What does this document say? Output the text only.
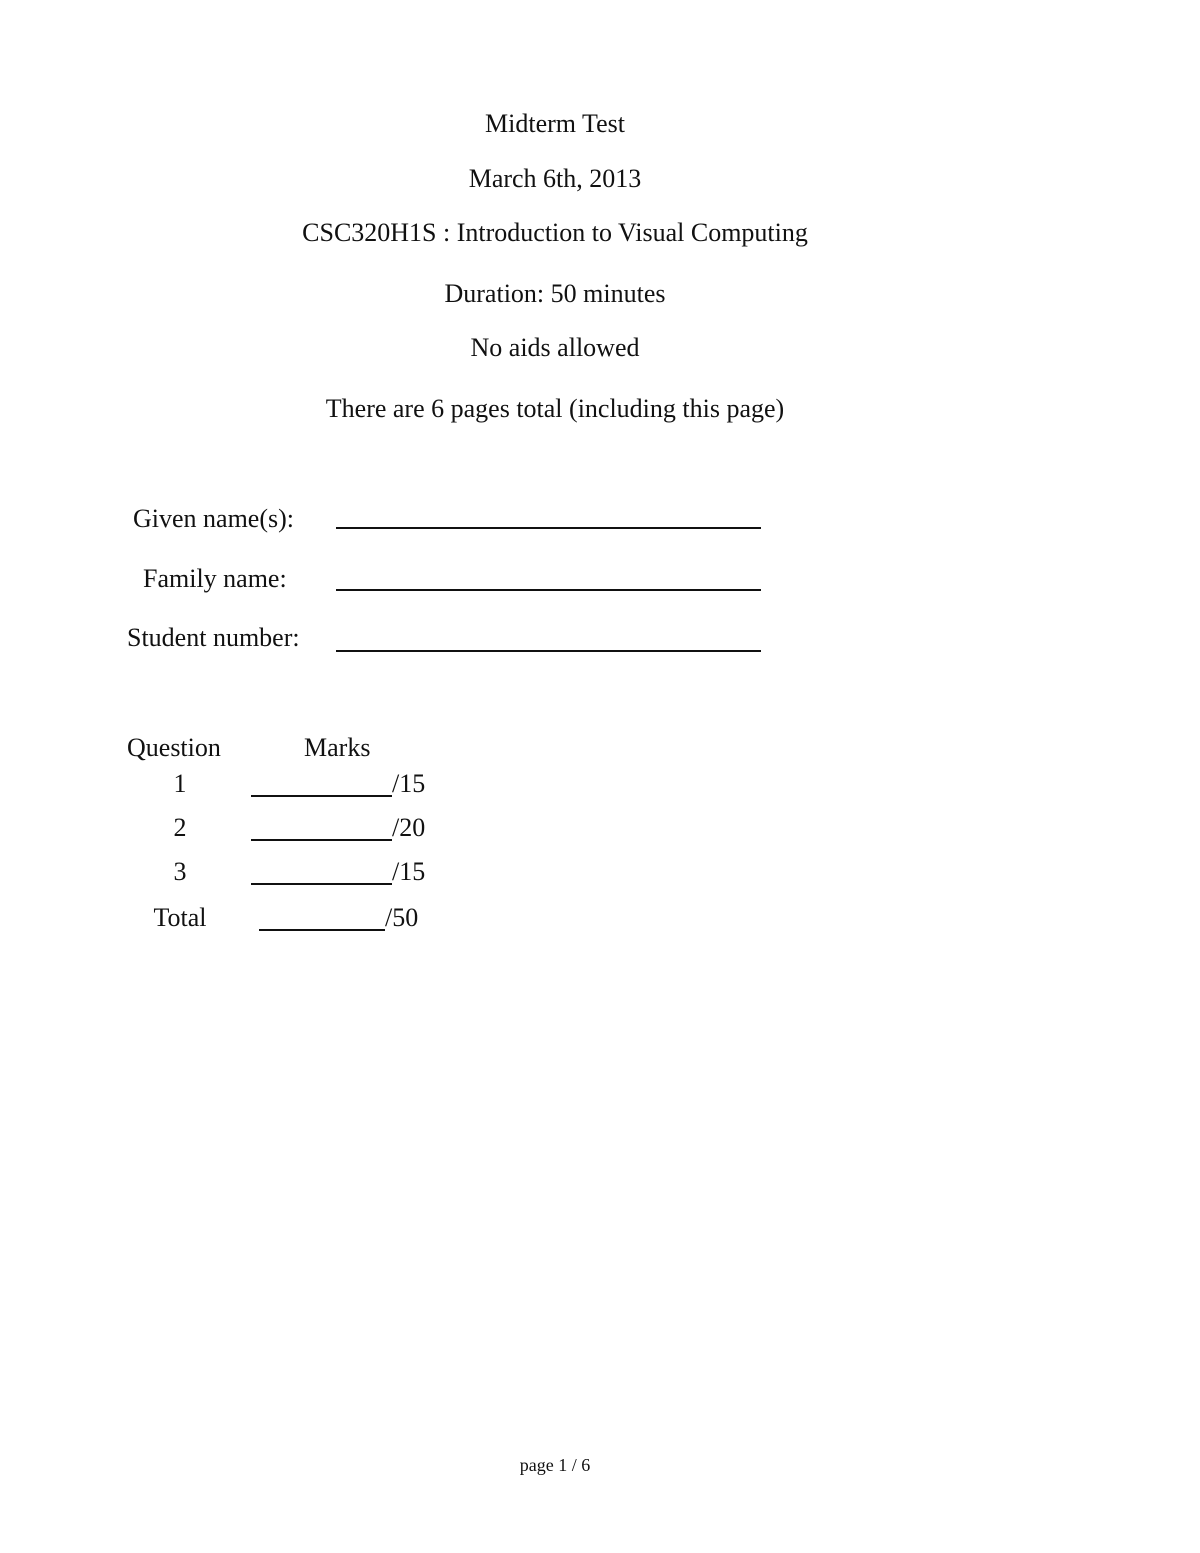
Midterm Test
March 6th, 2013
CSC320H1S : Introduction to Visual Computing
Duration: 50 minutes
No aids allowed
There are 6 pages total (including this page)
Given name(s):
Family name:
Student number:
Question	Marks
1	/15
2	/20
3	/15
Total	/50
page 1 / 6
